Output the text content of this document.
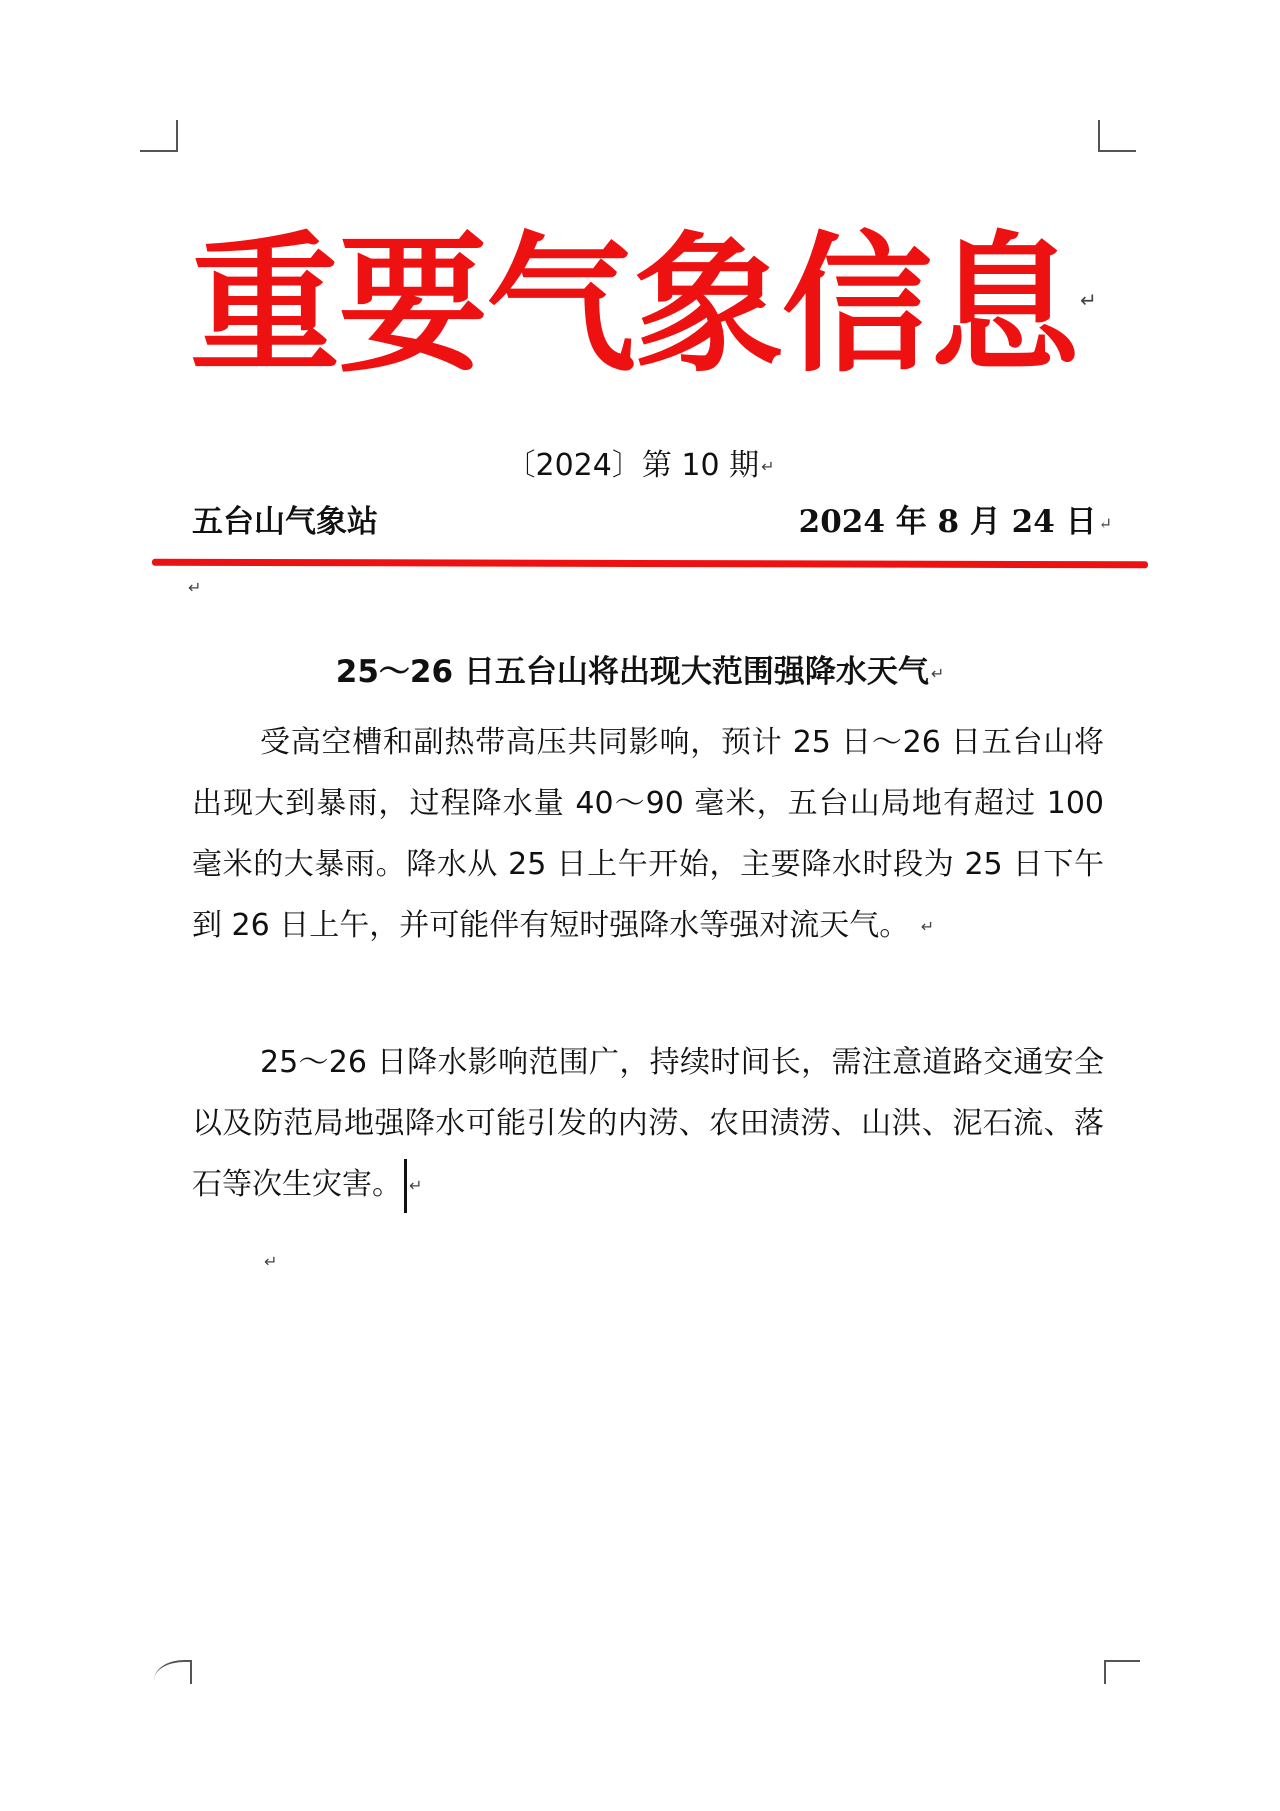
重要气象信息 ↵
〔2024〕第 10 期 ↵
五台山气象站	2024 年 8 月 24 日 ↵
↵
25～26 日五台山将出现大范围强降水天气 ↵
受高空槽和副热带高压共同影响，预计 25 日～26 日五台山将出现大到暴雨，过程降水量 40～90 毫米，五台山局地有超过 100 毫米的大暴雨。降水从 25 日上午开始，主要降水时段为 25 日下午到 26 日上午，并可能伴有短时强降水等强对流天气。 ↵
25～26 日降水影响范围广，持续时间长，需注意道路交通安全以及防范局地强降水可能引发的内涝、农田渍涝、山洪、泥石流、落石等次生灾害。 ↵
↵
